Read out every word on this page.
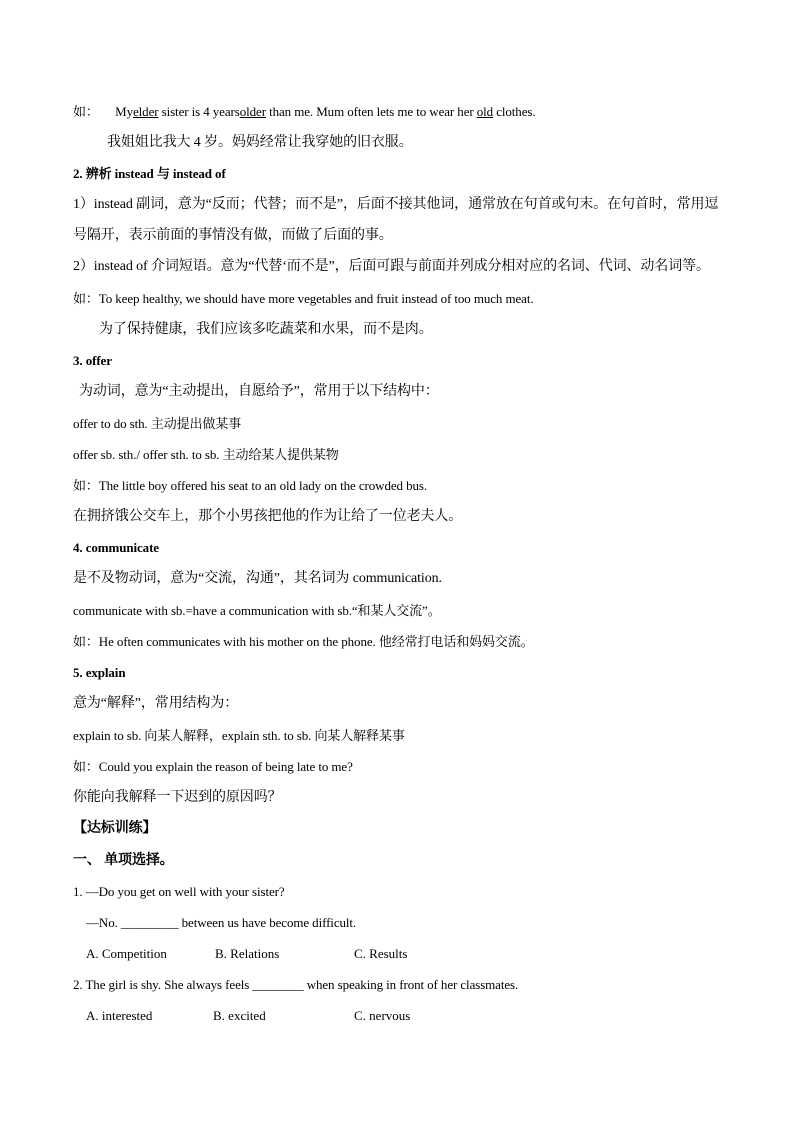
如： Myelder sister is 4 yearsolder than me. Mum often lets me to wear her old clothes.
我姐姐比我大 4 岁。妈妈经常让我穿她的旧衣服。
2. 辨析 instead 与 instead of
1）instead 副词，意为“反而；代替；而不是”，后面不接其他词，通常放在句首或句末。在句首时，常用逗
号隔开，表示前面的事情没有做，而做了后面的事。
2）instead of 介词短语。意为“代替‘而不是”，后面可跟与前面并列成分相对应的名词、代词、动名词等。
如：To keep healthy, we should have more vegetables and fruit instead of too much meat.
为了保持健康，我们应该多吃蔬菜和水果，而不是肉。
3. offer
为动词，意为“主动提出，自愿给予”，常用于以下结构中：
offer to do sth. 主动提出做某事
offer sb. sth./ offer sth. to sb. 主动给某人提供某物
如：The little boy offered his seat to an old lady on the crowded bus.
在拥挤饿公交车上，那个小男孩把他的作为让给了一位老夫人。
4. communicate
是不及物动词，意为“交流，沟通”，其名词为 communication.
communicate with sb.=have a communication with sb.“和某人交流”。
如：He often communicates with his mother on the phone. 他经常打电话和妈妈交流。
5. explain
意为“解释”，常用结构为：
explain to sb. 向某人解释，explain sth. to sb. 向某人解释某事
如：Could you explain the reason of being late to me?
你能向我解释一下迟到的原因吗？
【达标训练】
一、 单项选择。
1. —Do you get on well with your sister?
—No. _________ between us have become difficult.
A. Competition	B. Relations	C. Results
2. The girl is shy. She always feels ________ when speaking in front of her classmates.
A. interested	B. excited	C. nervous
